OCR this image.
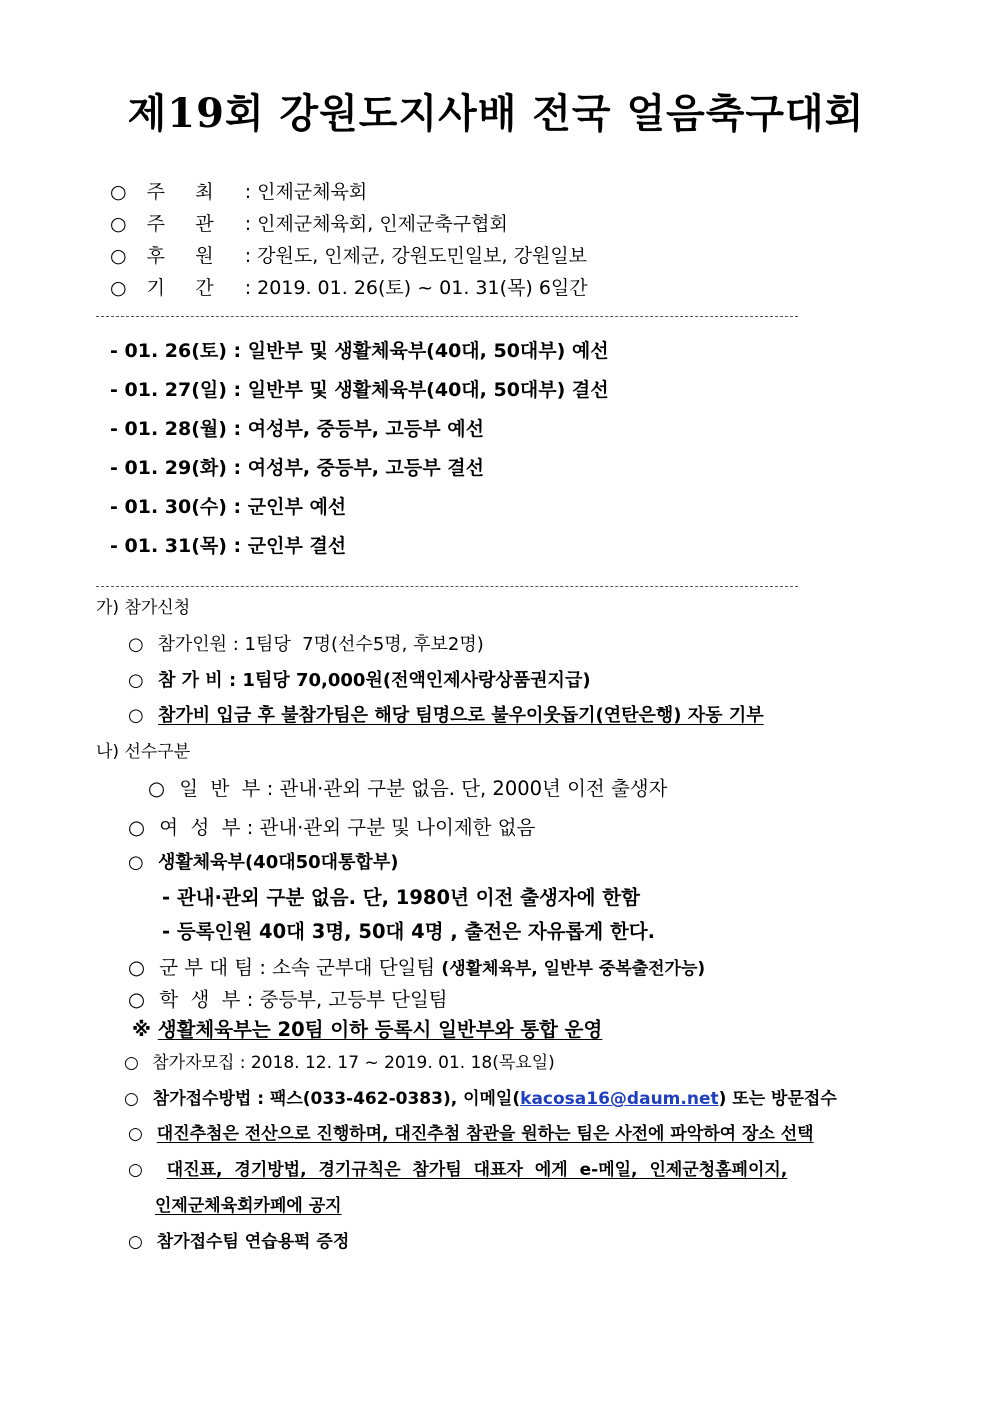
제19회 강원도지사배 전국 얼음축구대회
○ 주     최 : 인제군체육회
○ 주     관 : 인제군체육회, 인제군축구협회
○ 후     원 : 강원도, 인제군, 강원도민일보, 강원일보
○ 기     간 : 2019. 01. 26(토) ~ 01. 31(목) 6일간
- 01. 26(토) : 일반부 및 생활체육부(40대, 50대부) 예선
- 01. 27(일) : 일반부 및 생활체육부(40대, 50대부) 결선
- 01. 28(월) : 여성부, 중등부, 고등부 예선
- 01. 29(화) : 여성부, 중등부, 고등부 결선
- 01. 30(수) : 군인부 예선
- 01. 31(목) : 군인부 결선
가) 참가신청
○ 참가인원 : 1팀당  7명(선수5명, 후보2명)
○ 참 가 비 : 1팀당 70,000원(전액인제사랑상품권지급)
○ 참가비 입금 후 불참가팀은 해당 팀명으로 불우이웃돕기(연탄은행) 자동 기부
나) 선수구분
○ 일  반  부 : 관내·관외 구분 없음. 단, 2000년 이전 출생자
○ 여  성  부 : 관내·관외 구분 및 나이제한 없음
○ 생활체육부(40대50대통합부)
- 관내·관외 구분 없음. 단, 1980년 이전 출생자에 한함
- 등록인원 40대 3명, 50대 4명 , 출전은 자유롭게 한다.
○ 군 부 대 팀 : 소속 군부대 단일팀 (생활체육부, 일반부 중복출전가능)
○ 학  생  부 : 중등부, 고등부 단일팀
※ 생활체육부는 20팀 이하 등록시 일반부와 통합 운영
○ 참가자모집 : 2018. 12. 17 ~ 2019. 01. 18(목요일)
○ 참가접수방법 : 팩스(033-462-0383), 이메일(kacosa16@daum.net) 또는 방문접수
○ 대진추첨은 전산으로 진행하며, 대진추첨 참관을 원하는 팀은 사전에 파악하여 장소 선택
○ 대진표, 경기방법, 경기규칙은 참가팀 대표자 에게 e-메일, 인제군청홈페이지,
인제군체육회카페에 공지
○ 참가접수팀 연습용퍽 증정
